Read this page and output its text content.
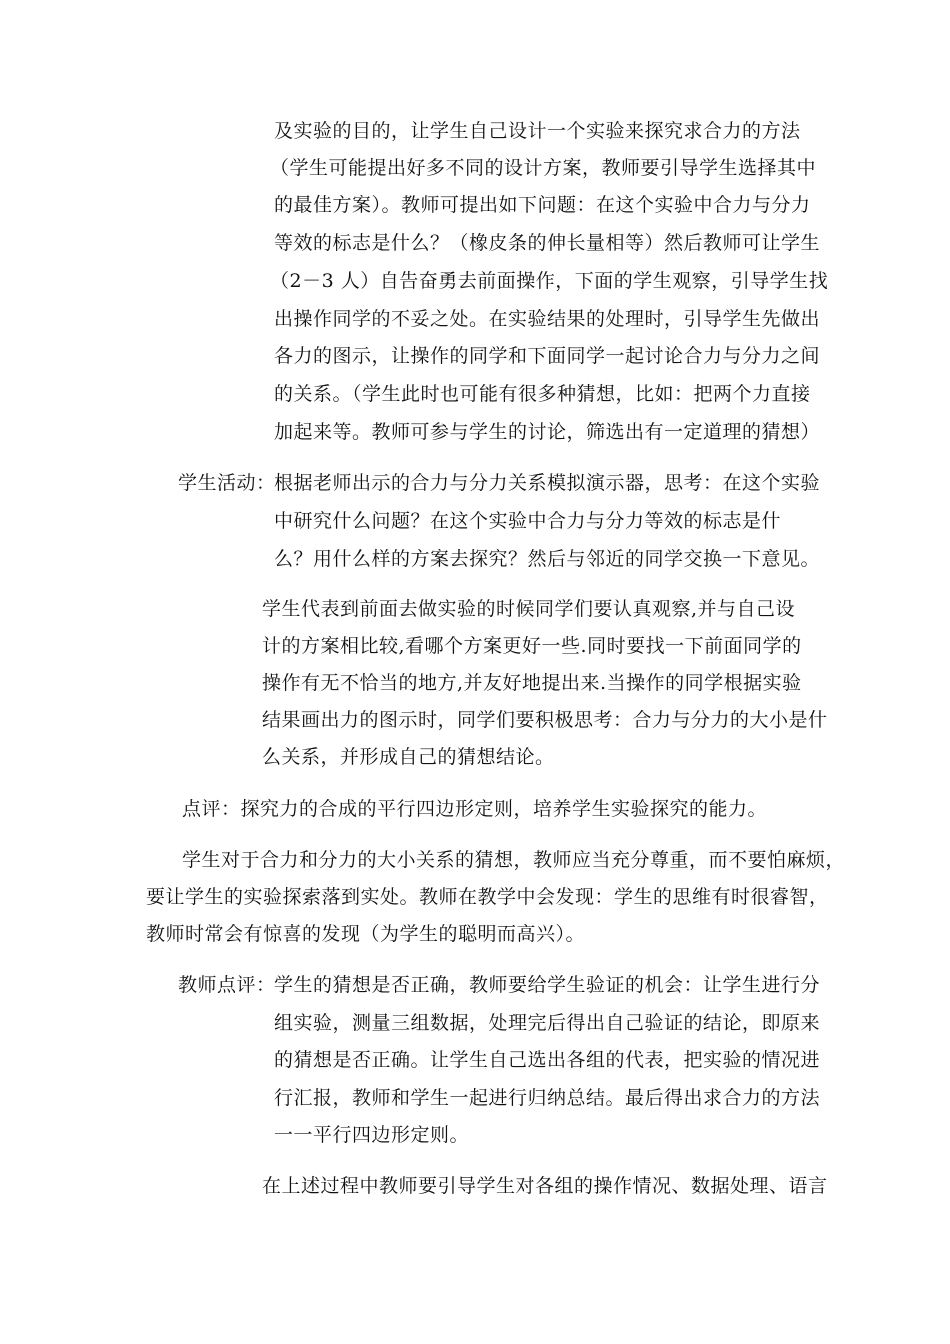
及实验的目的，让学生自己设计一个实验来探究求合力的方法
（学生可能提出好多不同的设计方案，教师要引导学生选择其中
的最佳方案）。教师可提出如下问题：在这个实验中合力与分力
等效的标志是什么？（橡皮条的伸长量相等）然后教师可让学生
（2－3 人）自告奋勇去前面操作，下面的学生观察，引导学生找
出操作同学的不妥之处。在实验结果的处理时，引导学生先做出
各力的图示，让操作的同学和下面同学一起讨论合力与分力之间
的关系。（学生此时也可能有很多种猜想，比如：把两个力直接
加起来等。教师可参与学生的讨论，筛选出有一定道理的猜想）
学生活动：
根据老师出示的合力与分力关系模拟演示器，思考：在这个实验
中研究什么问题？在这个实验中合力与分力等效的标志是什
么？用什么样的方案去探究？然后与邻近的同学交换一下意见。
学生代表到前面去做实验的时候同学们要认真观察,并与自己设
计的方案相比较,看哪个方案更好一些.同时要找一下前面同学的
操作有无不恰当的地方,并友好地提出来.当操作的同学根据实验
结果画出力的图示时，同学们要积极思考：合力与分力的大小是什
么关系，并形成自己的猜想结论。
点评：探究力的合成的平行四边形定则，培养学生实验探究的能力。
学生对于合力和分力的大小关系的猜想，教师应当充分尊重，而不要怕麻烦，
要让学生的实验探索落到实处。教师在教学中会发现：学生的思维有时很睿智，
教师时常会有惊喜的发现（为学生的聪明而高兴）。
教师点评：
学生的猜想是否正确，教师要给学生验证的机会：让学生进行分
组实验，测量三组数据，处理完后得出自己验证的结论，即原来
的猜想是否正确。让学生自己选出各组的代表，把实验的情况进
行汇报，教师和学生一起进行归纳总结。最后得出求合力的方法
一一平行四边形定则。
在上述过程中教师要引导学生对各组的操作情况、数据处理、语言
